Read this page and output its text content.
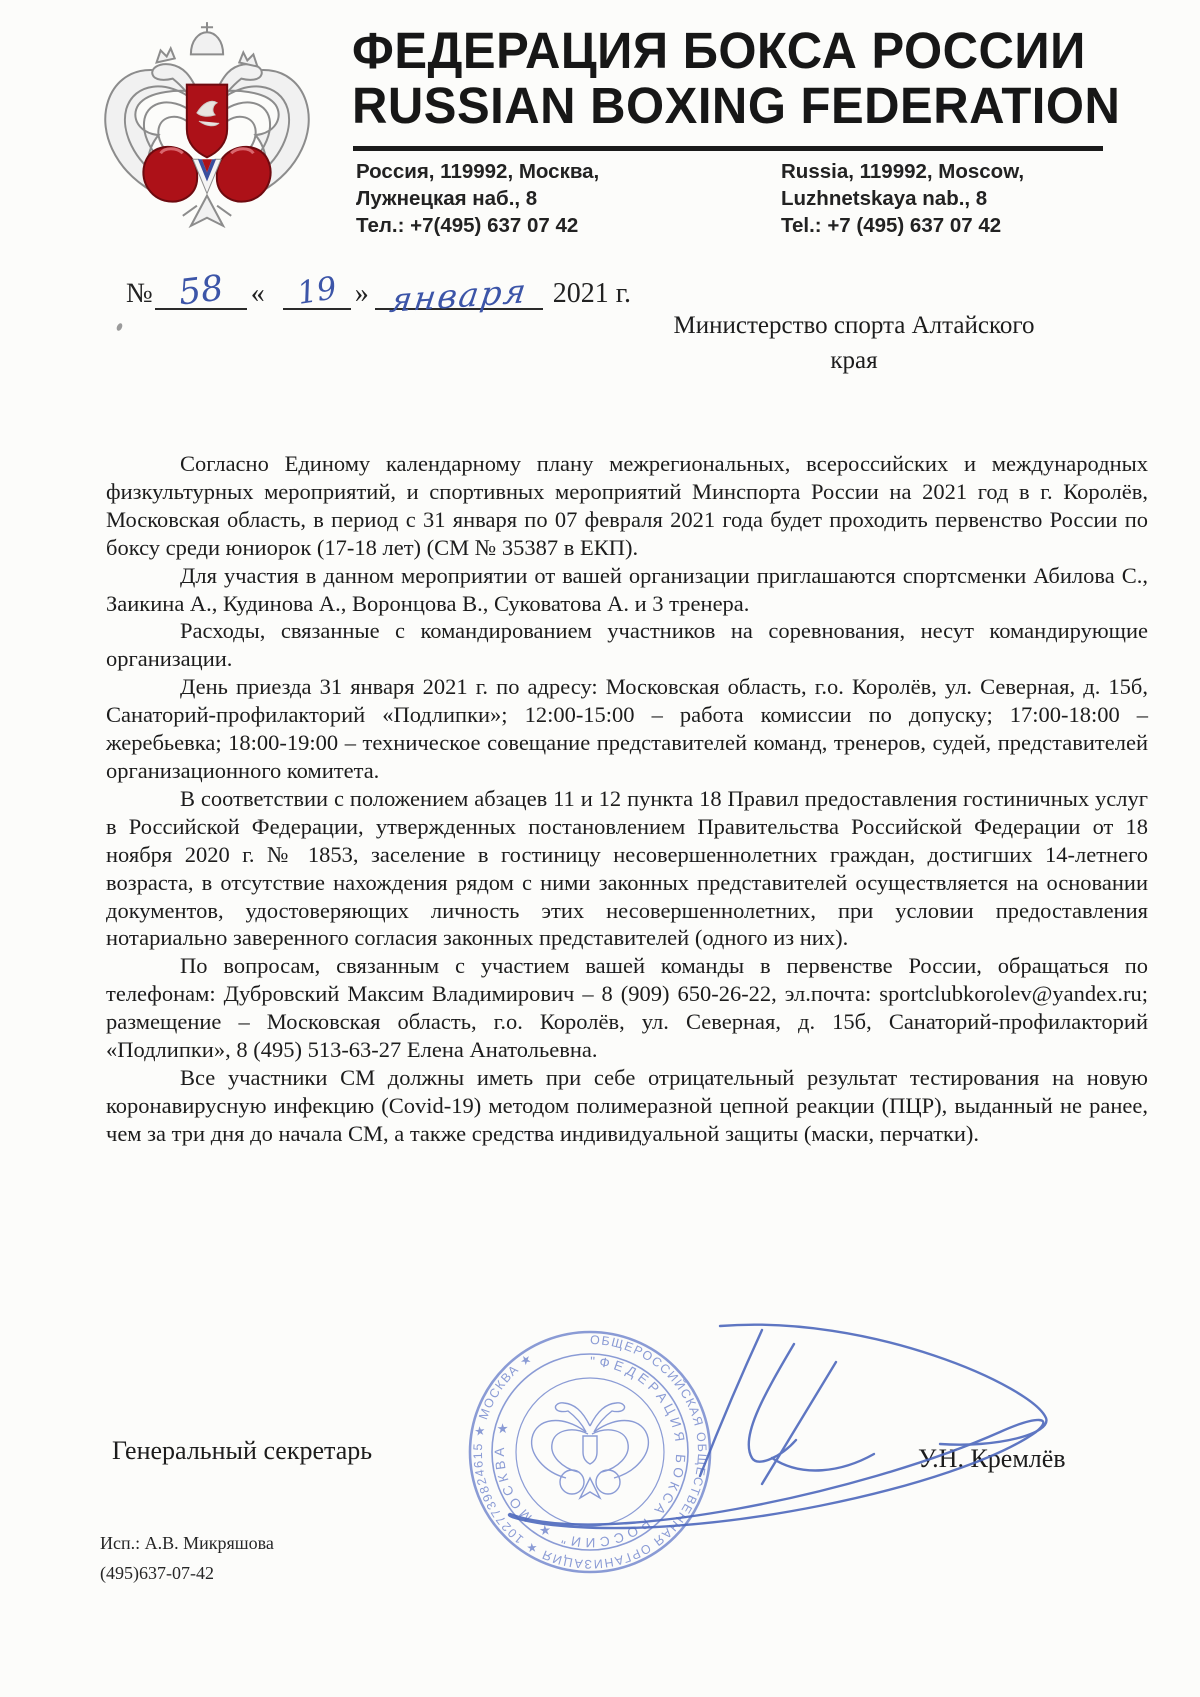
ФЕДЕРАЦИЯ БОКСА РОССИИ
RUSSIAN BOXING FEDERATION
Россия, 119992, Москва,
Лужнецкая наб., 8
Тел.: +7(495) 637 07 42
Russia, 119992, Moscow,
Luzhnetskaya nab., 8
Tel.: +7 (495) 637 07 42
№ 58 « 19 » января 2021 г.
Министерство спорта Алтайского
края

Согласно Единому календарному плану межрегиональных, всероссийских и международных физкультурных мероприятий, и спортивных мероприятий Минспорта России на 2021 год в г. Королёв, Московская область, в период с 31 января по 07 февраля 2021 года будет проходить первенство России по боксу среди юниорок (17-18 лет) (СМ № 35387 в ЕКП).

Для участия в данном мероприятии от вашей организации приглашаются спортсменки Абилова С., Заикина А., Кудинова А., Воронцова В., Суковатова А. и 3 тренера.

Расходы, связанные с командированием участников на соревнования, несут командирующие организации.

День приезда 31 января 2021 г. по адресу: Московская область, г.о. Королёв, ул. Северная, д. 15б, Санаторий-профилакторий «Подлипки»; 12:00-15:00 – работа комиссии по допуску; 17:00-18:00 – жеребьевка; 18:00-19:00 – техническое совещание представителей команд, тренеров, судей, представителей организационного комитета.

В соответствии с положением абзацев 11 и 12 пункта 18 Правил предоставления гостиничных услуг в Российской Федерации, утвержденных постановлением Правительства Российской Федерации от 18 ноября 2020 г. № 1853, заселение в гостиницу несовершеннолетних граждан, достигших 14-летнего возраста, в отсутствие нахождения рядом с ними законных представителей осуществляется на основании документов, удостоверяющих личность этих несовершеннолетних, при условии предоставления нотариально заверенного согласия законных представителей (одного из них).

По вопросам, связанным с участием вашей команды в первенстве России, обращаться по телефонам: Дубровский Максим Владимирович – 8 (909) 650-26-22, эл.почта: sportclubkorolev@yandex.ru; размещение – Московская область, г.о. Королёв, ул. Северная, д. 15б, Санаторий-профилакторий «Подлипки», 8 (495) 513-63-27 Елена Анатольевна.

Все участники СМ должны иметь при себе отрицательный результат тестирования на новую коронавирусную инфекцию (Covid-19) методом полимеразной цепной реакции (ПЦР), выданный не ранее, чем за три дня до начала СМ, а также средства индивидуальной защиты (маски, перчатки).

Генеральный секретарь	У.Н. Кремлёв
ОБЩЕРОССИЙСКАЯ ОБЩЕСТВЕННАЯ ОРГАНИЗАЦИЯ ★ 1027739824615 ★ МОСКВА ★	"ФЕДЕРАЦИЯ БОКСА РОССИИ" ★ МОСКВА ★
Исп.: А.В. Микряшова
(495)637-07-42
